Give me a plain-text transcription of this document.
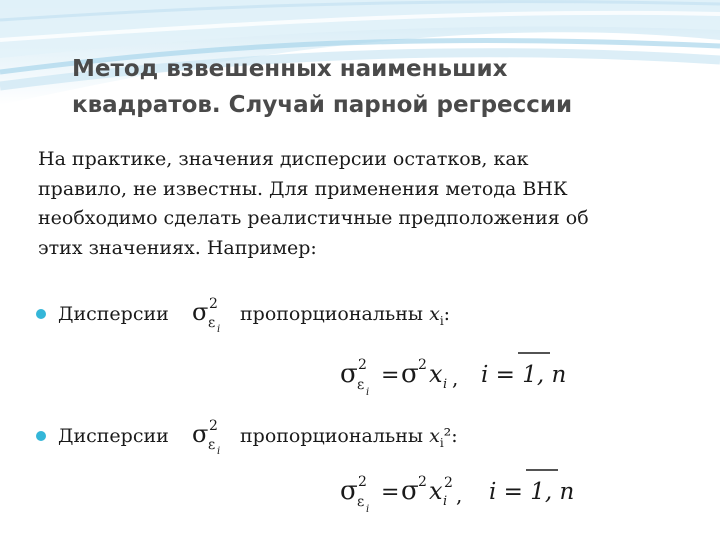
Метод взвешенных наименьших
квадратов. Случай парной регрессии

На практике, значения дисперсии остатков, как
правило, не известны. Для применения метода ВНК
необходимо сделать реалистичные предположения об
этих значениях. Например:

Дисперсии σ 2
ε i
пропорциональны $x_i$:
σ 2
ε i
= σ 2 x i , i = 1, n
Дисперсии σ 2
ε i
пропорциональны $x_i^2$:
σ 2
ε i
= σ 2 x i
2 , i = 1, n
